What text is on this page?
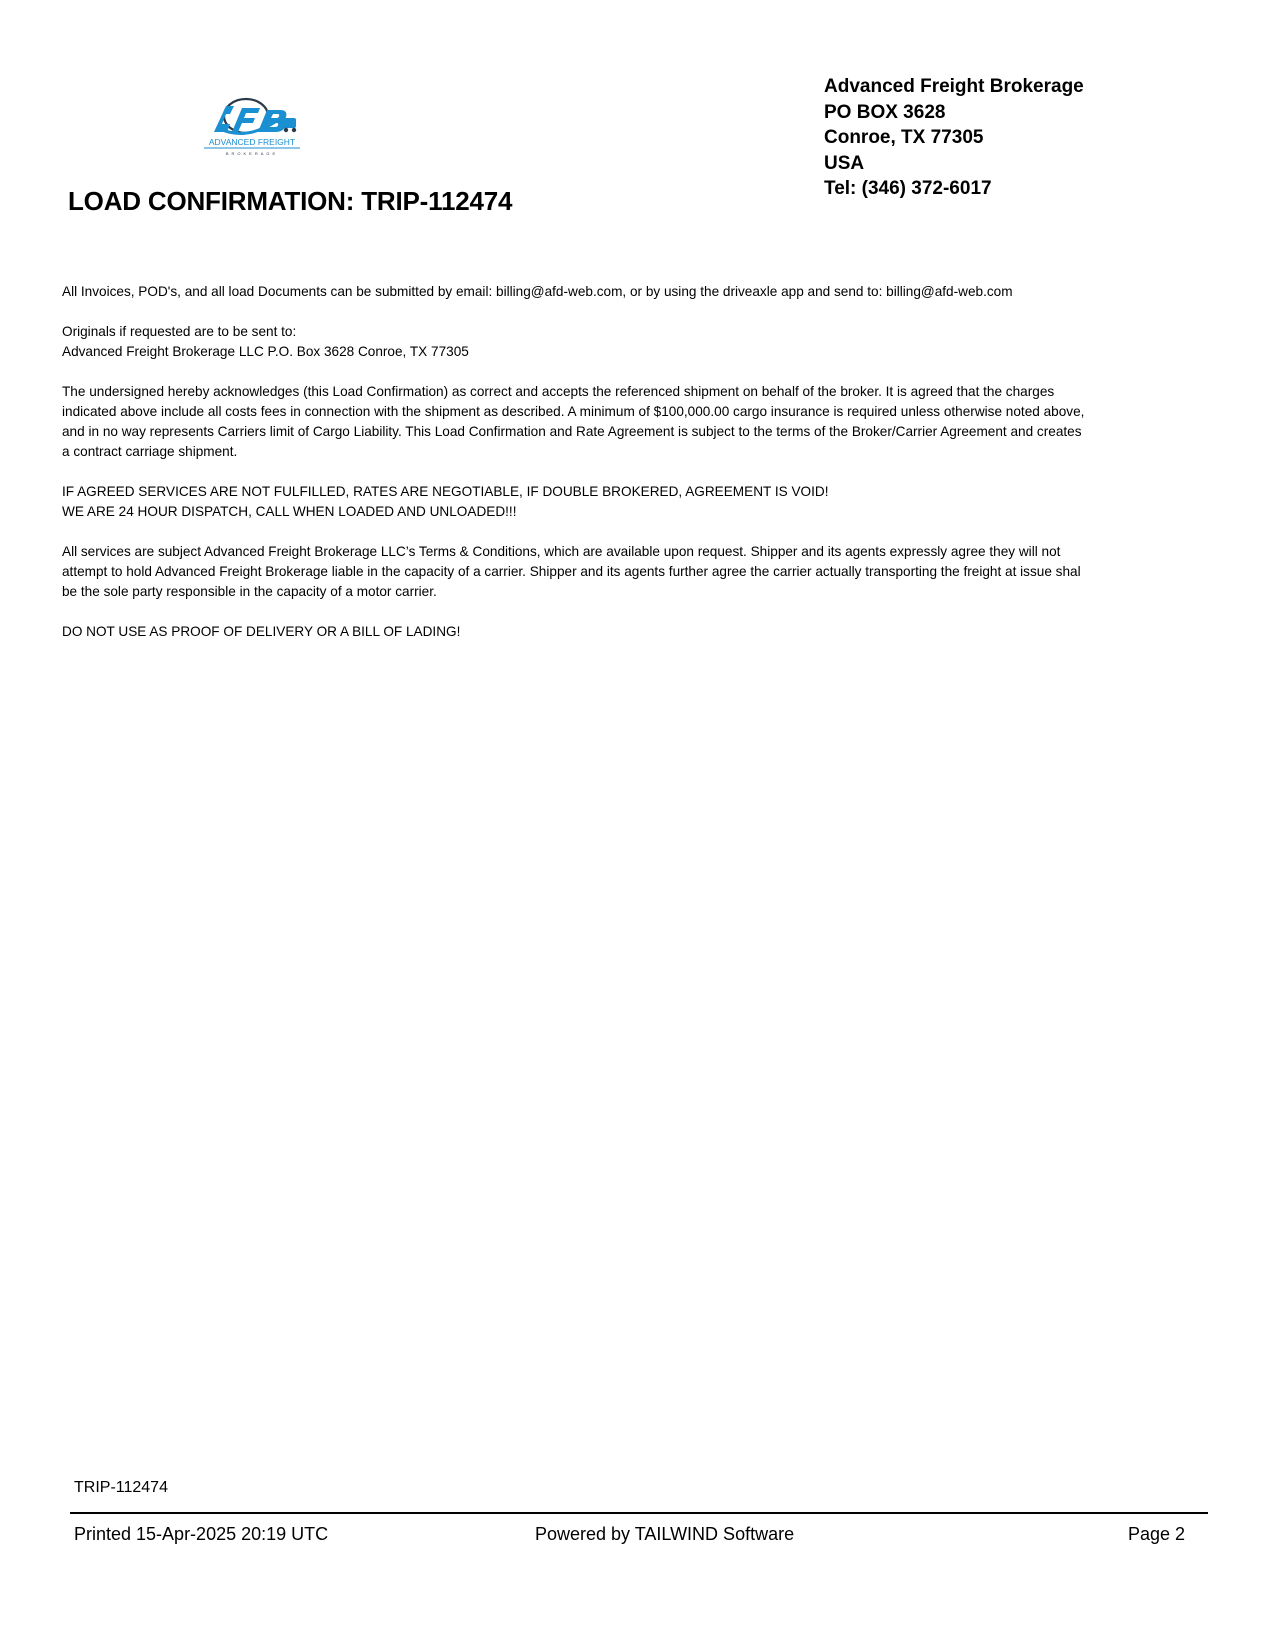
ADVANCED FREIGHT
BROKERAGE
Advanced Freight Brokerage
PO BOX 3628
Conroe, TX 77305
USA
Tel: (346) 372-6017
LOAD CONFIRMATION: TRIP-112474

All Invoices, POD's, and all load Documents can be submitted by email: billing@afd-web.com, or by using the driveaxle app and send to: billing@afd-web.com

Originals if requested are to be sent to:
Advanced Freight Brokerage LLC P.O. Box 3628 Conroe, TX 77305

The undersigned hereby acknowledges (this Load Confirmation) as correct and accepts the referenced shipment on behalf of the broker. It is agreed that the charges
indicated above include all costs fees in connection with the shipment as described. A minimum of $100,000.00 cargo insurance is required unless otherwise noted above,
and in no way represents Carriers limit of Cargo Liability. This Load Confirmation and Rate Agreement is subject to the terms of the Broker/Carrier Agreement and creates
a contract carriage shipment.

IF AGREED SERVICES ARE NOT FULFILLED, RATES ARE NEGOTIABLE, IF DOUBLE BROKERED, AGREEMENT IS VOID!
WE ARE 24 HOUR DISPATCH, CALL WHEN LOADED AND UNLOADED!!!

All services are subject Advanced Freight Brokerage LLC’s Terms & Conditions, which are available upon request. Shipper and its agents expressly agree they will not
attempt to hold Advanced Freight Brokerage liable in the capacity of a carrier. Shipper and its agents further agree the carrier actually transporting the freight at issue shal
be the sole party responsible in the capacity of a motor carrier.

DO NOT USE AS PROOF OF DELIVERY OR A BILL OF LADING!

TRIP-112474
Printed 15-Apr-2025 20:19 UTC	Powered by TAILWIND Software	Page 2
